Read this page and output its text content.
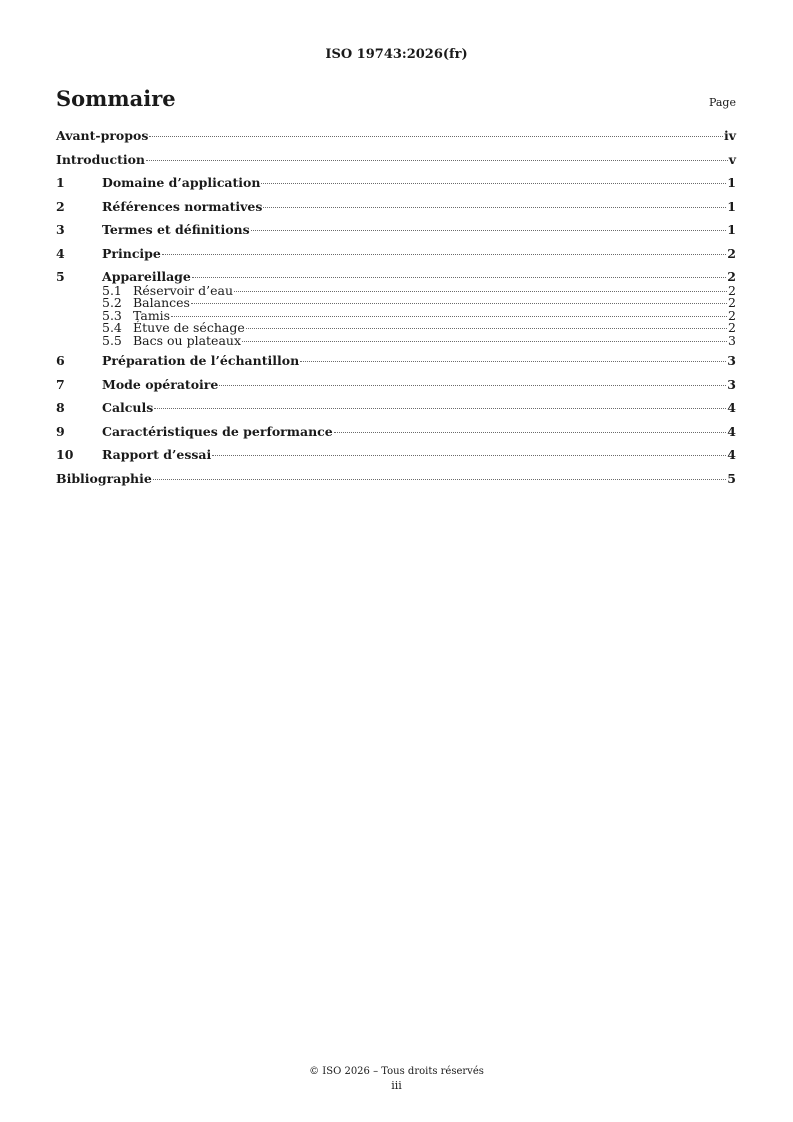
ISO 19743:2026(fr)
Sommaire	Page
Avant-propos	iv
Introduction	v
1	Domaine d’application	1
2	Références normatives	1
3	Termes et définitions	1
4	Principe	2
5	Appareillage	2
5.1 Réservoir d’eau	2
5.2 Balances	2
5.3 Tamis	2
5.4 Étuve de séchage	2
5.5 Bacs ou plateaux	3
6	Préparation de l’échantillon	3
7	Mode opératoire	3
8	Calculs	4
9	Caractéristiques de performance	4
10	Rapport d’essai	4
Bibliographie	5
© ISO 2026 – Tous droits réservés
iii
